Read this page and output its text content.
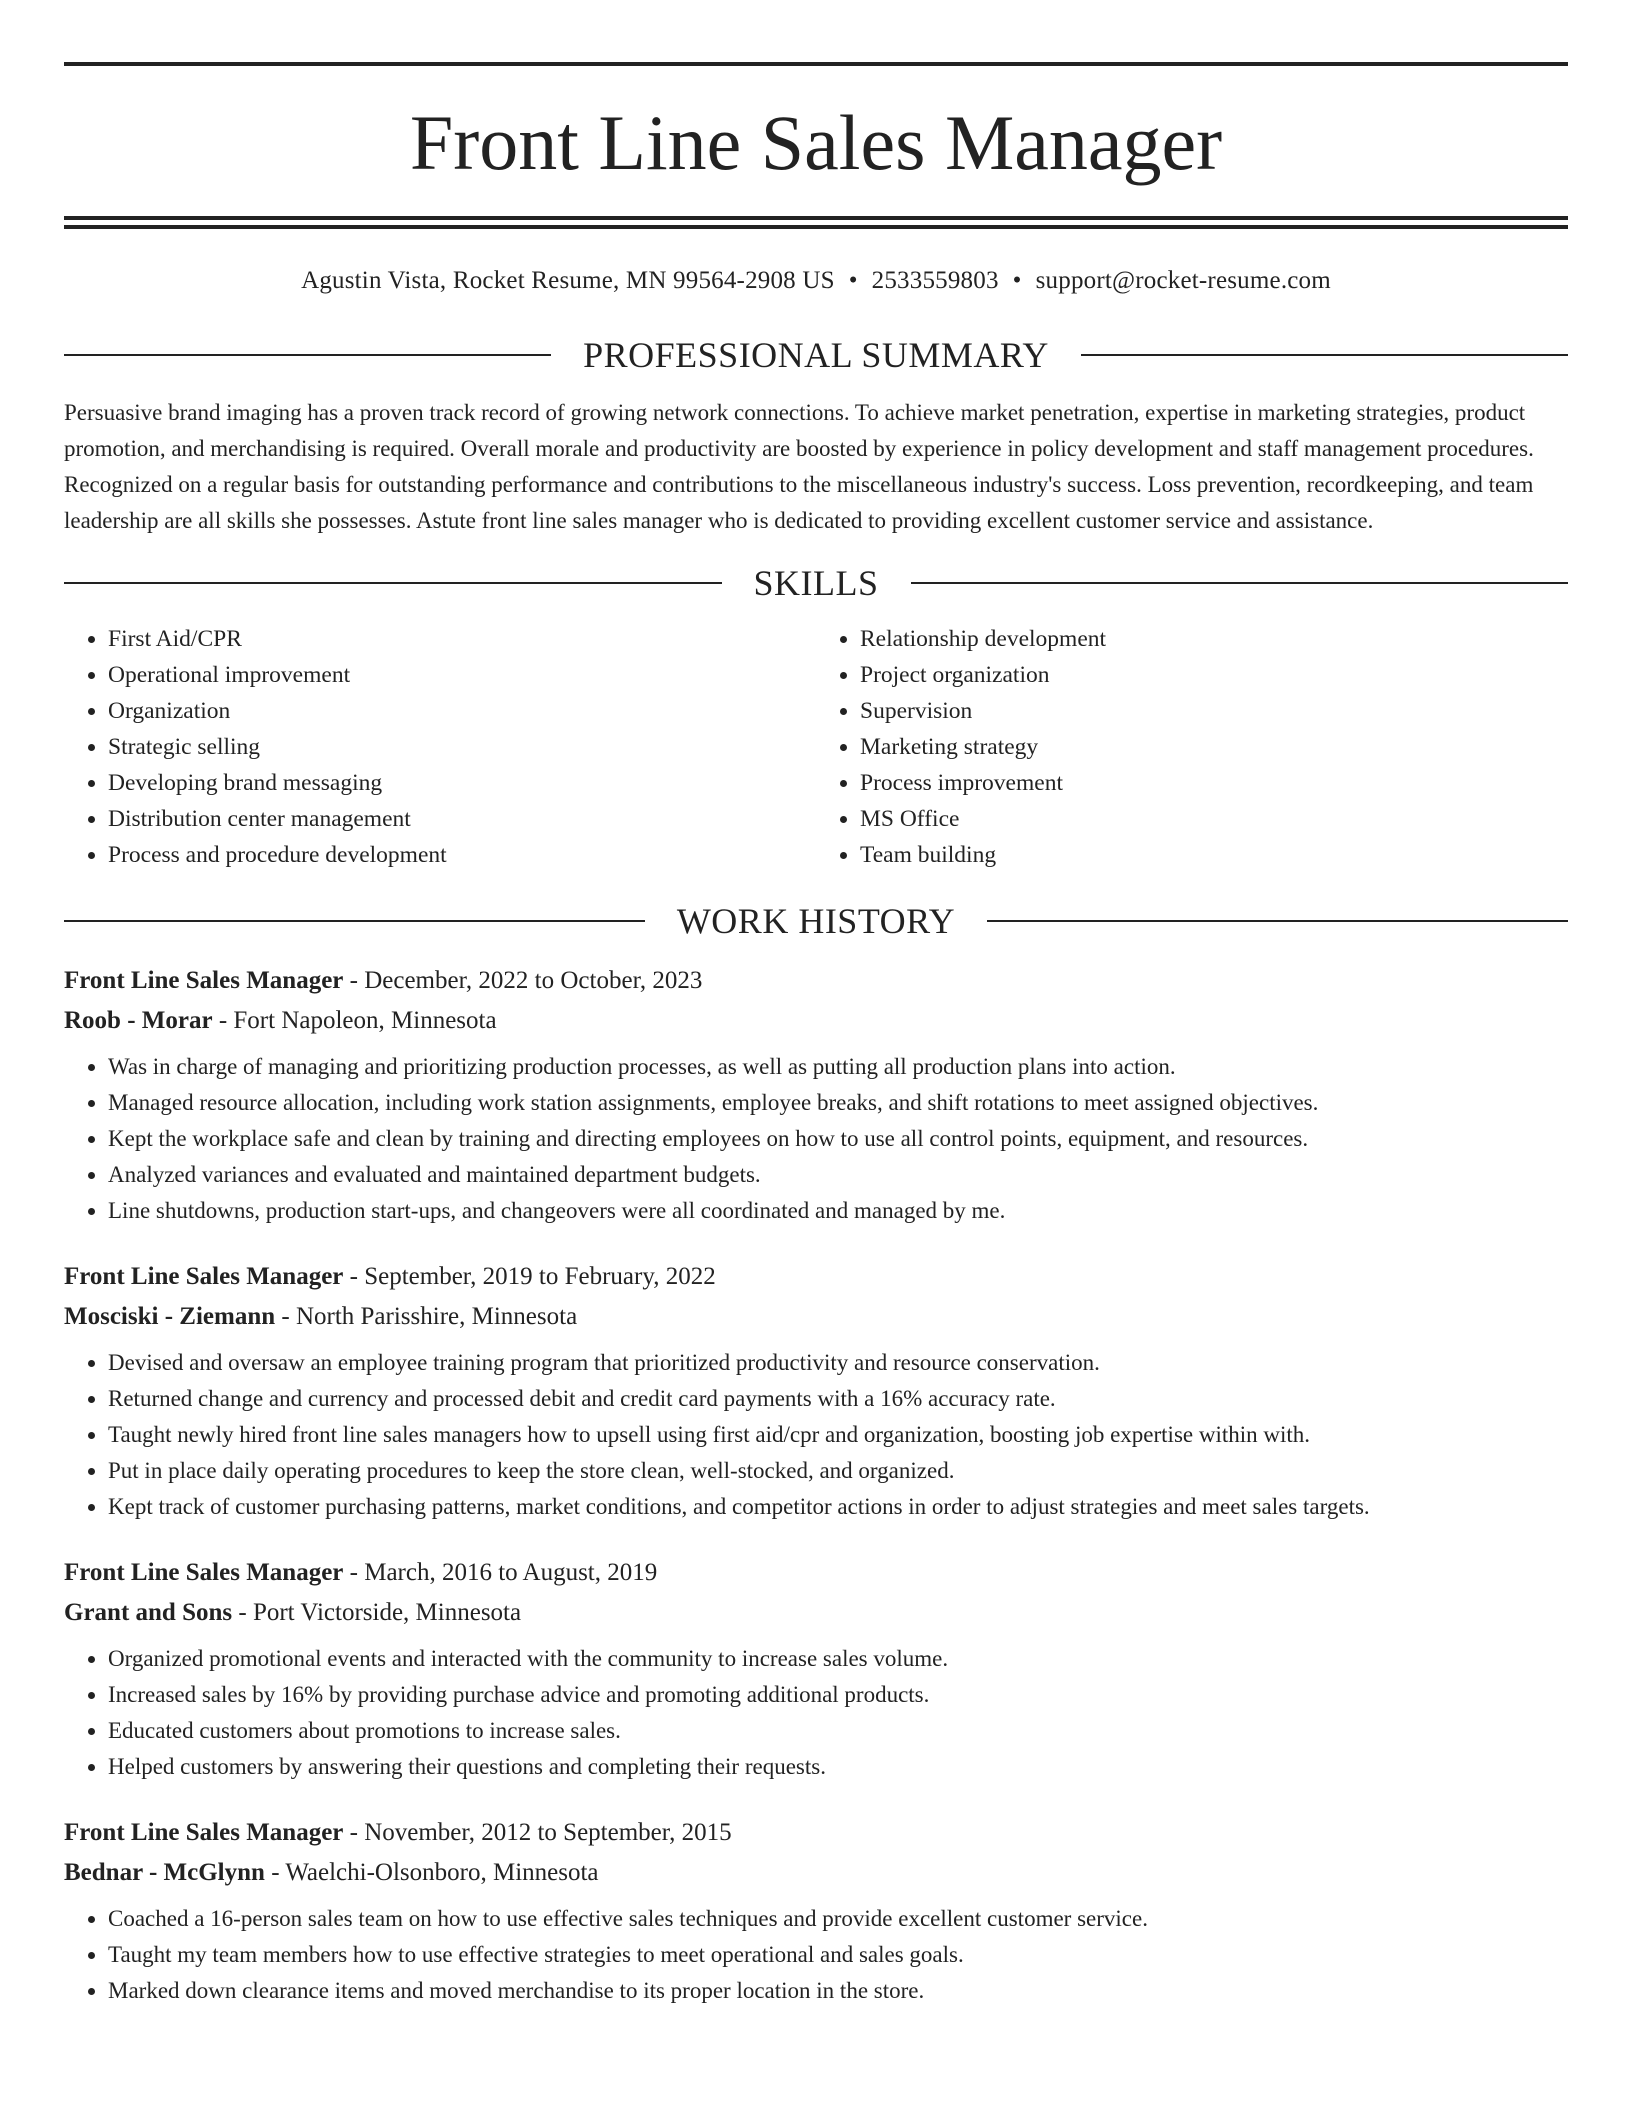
Front Line Sales Manager
Agustin Vista, Rocket Resume, MN 99564-2908 US • 2533559803 • support@rocket-resume.com
PROFESSIONAL SUMMARY

Persuasive brand imaging has a proven track record of growing network connections. To achieve market penetration, expertise in marketing strategies, product promotion, and merchandising is required. Overall morale and productivity are boosted by experience in policy development and staff management procedures. Recognized on a regular basis for outstanding performance and contributions to the miscellaneous industry's success. Loss prevention, recordkeeping, and team leadership are all skills she possesses. Astute front line sales manager who is dedicated to providing excellent customer service and assistance.

SKILLS
• First Aid/CPR
• Operational improvement
• Organization
• Strategic selling
• Developing brand messaging
• Distribution center management
• Process and procedure development
• Relationship development
• Project organization
• Supervision
• Marketing strategy
• Process improvement
• MS Office
• Team building
WORK HISTORY
Front Line Sales Manager - December, 2022 to October, 2023
Roob - Morar - Fort Napoleon, Minnesota
• Was in charge of managing and prioritizing production processes, as well as putting all production plans into action.
• Managed resource allocation, including work station assignments, employee breaks, and shift rotations to meet assigned objectives.
• Kept the workplace safe and clean by training and directing employees on how to use all control points, equipment, and resources.
• Analyzed variances and evaluated and maintained department budgets.
• Line shutdowns, production start-ups, and changeovers were all coordinated and managed by me.
Front Line Sales Manager - September, 2019 to February, 2022
Mosciski - Ziemann - North Parisshire, Minnesota
• Devised and oversaw an employee training program that prioritized productivity and resource conservation.
• Returned change and currency and processed debit and credit card payments with a 16% accuracy rate.
• Taught newly hired front line sales managers how to upsell using first aid/cpr and organization, boosting job expertise within with.
• Put in place daily operating procedures to keep the store clean, well-stocked, and organized.
• Kept track of customer purchasing patterns, market conditions, and competitor actions in order to adjust strategies and meet sales targets.
Front Line Sales Manager - March, 2016 to August, 2019
Grant and Sons - Port Victorside, Minnesota
• Organized promotional events and interacted with the community to increase sales volume.
• Increased sales by 16% by providing purchase advice and promoting additional products.
• Educated customers about promotions to increase sales.
• Helped customers by answering their questions and completing their requests.
Front Line Sales Manager - November, 2012 to September, 2015
Bednar - McGlynn - Waelchi-Olsonboro, Minnesota
• Coached a 16-person sales team on how to use effective sales techniques and provide excellent customer service.
• Taught my team members how to use effective strategies to meet operational and sales goals.
• Marked down clearance items and moved merchandise to its proper location in the store.
